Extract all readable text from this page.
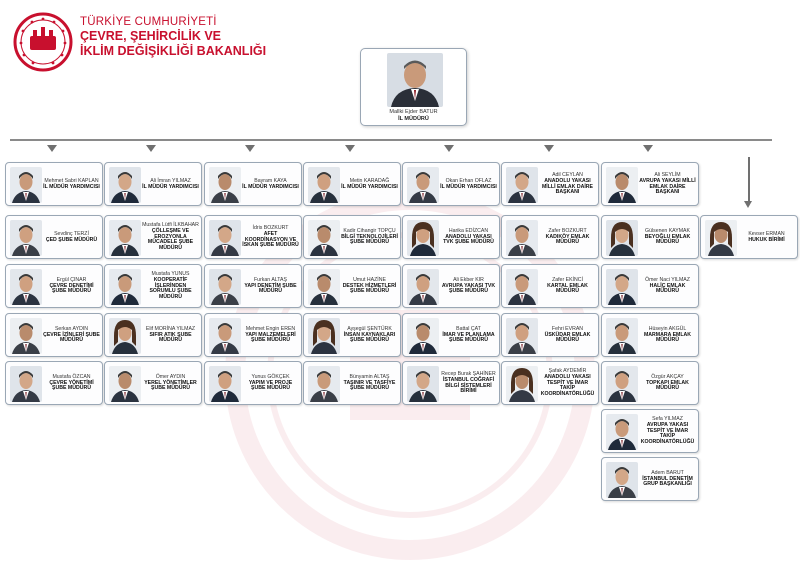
TÜRKİYE CUMHURİYETİ
ÇEVRE, ŞEHİRCİLİK VE
İKLİM DEĞİŞİKLİĞİ BAKANLIĞI
Mallki Ejder BATUR
İL MÜDÜRÜ
Mehmet Sabri KAPLAN
İL MÜDÜR YARDIMCISI
Ali İmran YILMAZ
İL MÜDÜR YARDIMCISI
Bayram KAYA
İL MÜDÜR YARDIMCISI
Metin KARADAĞ
İL MÜDÜR YARDIMCISI
Okan Erhan OFLAZ
İL MÜDÜR YARDIMCISI
Adil CEYLAN
ANADOLU YAKASI MİLLİ EMLAK DAİRE BAŞKANI
Ali SEYLİM
AVRUPA YAKASI MİLLİ EMLAK DAİRE BAŞKANI
Sevdinç TERZİ
ÇED ŞUBE MÜDÜRÜ
Mustafa Lütfi İLKBAHAR
ÇÖLLEŞME VE EROZYONLA MÜCADELE ŞUBE MÜDÜRÜ
İdris BOZKURT
AFET KOORDİNASYON VE İSKAN ŞUBE MÜDÜRÜ
Kadir Cihangir TOPÇU
BİLGİ TEKNOLOJİLERİ ŞUBE MÜDÜRÜ
Harika EDİZCAN
ANADOLU YAKASI TVK ŞUBE MÜDÜRÜ
Zafer BOZKURT
KADIKÖY EMLAK MÜDÜRÜ
Gülsenen KAYMAK
BEYOĞLU EMLAK MÜDÜRÜ
Kevser ERMAN
HUKUK BİRİMİ
Ergül ÇINAR
ÇEVRE DENETİMİ ŞUBE MÜDÜRÜ
Mustafa YUNUS
KOOPERATİF İŞLERİNDEN SORUMLU ŞUBE MÜDÜRÜ
Furkan ALTAŞ
YAPI DENETİM ŞUBE MÜDÜRÜ
Umut HAZİNE
DESTEK HİZMETLERİ ŞUBE MÜDÜRÜ
Ali Ekber KIR
AVRUPA YAKASI TVK ŞUBE MÜDÜRÜ
Zafer EKİNCİ
KARTAL EMLAK MÜDÜRÜ
Ömer Naci YILMAZ
HALİÇ EMLAK MÜDÜRÜ
Serkan AYDIN
ÇEVRE İZİNLERİ ŞUBE MÜDÜRÜ
Elif MORİNA YILMAZ
SIFIR ATIK ŞUBE MÜDÜRÜ
Mehmet Engin EREN
YAPI MALZEMELERİ ŞUBE MÜDÜRÜ
Ayşegül ŞENTÜRK
İNSAN KAYNAKLARI ŞUBE MÜDÜRÜ
Battal ÇAT
İMAR VE PLANLAMA ŞUBE MÜDÜRÜ
Fehri EVRAN
ÜSKÜDAR EMLAK MÜDÜRÜ
Hüseyin AKGÜL
MARMARA EMLAK MÜDÜRÜ
Mustafa ÖZCAN
ÇEVRE YÖNETİMİ ŞUBE MÜDÜRÜ
Ömer AYDIN
YEREL YÖNETİMLER ŞUBE MÜDÜRÜ
Yunus GÖKÇEK
YAPIM VE PROJE ŞUBE MÜDÜRÜ
Bünyamin ALTAŞ
TAŞINIR VE TASFİYE ŞUBE MÜDÜRÜ
Recep Burak ŞAHİNER
İSTANBUL COĞRAFİ BİLGİ SİSTEMLERİ BİRİMİ
Şafak AYDEMİR
ANADOLU YAKASI TESPİT VE İMAR TAKİP KOORDİNATÖRLÜĞÜ
Özgür AKÇAY
TOPKAPI EMLAK MÜDÜRÜ
Sefa YILMAZ
AVRUPA YAKASI TESPİT VE İMAR TAKİP KOORDİNATÖRLÜĞÜ
Adem BARUT
İSTANBUL DENETİM GRUP BAŞKANLIĞI
